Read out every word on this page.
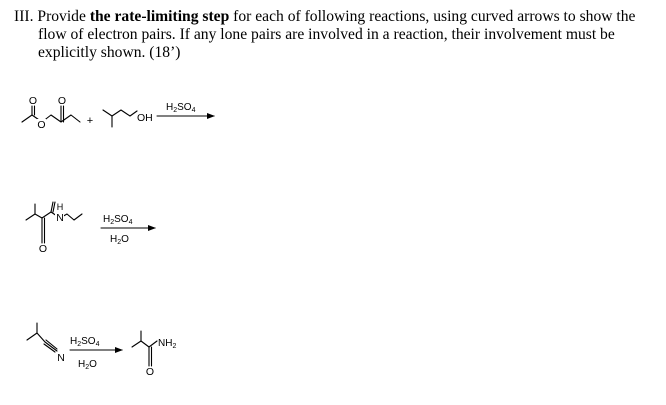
III. Provide the rate-limiting step for each of following reactions, using curved arrows to show the
flow of electron pairs. If any lone pairs are involved in a reaction, their involvement must be
explicitly shown. (18’)
O
O O
+	OH
$H_2SO_4$
N
H
O
$H_2SO_4$
$H_2O$
N
$H_2SO_4$
$H_2O$
$NH_2$
O
